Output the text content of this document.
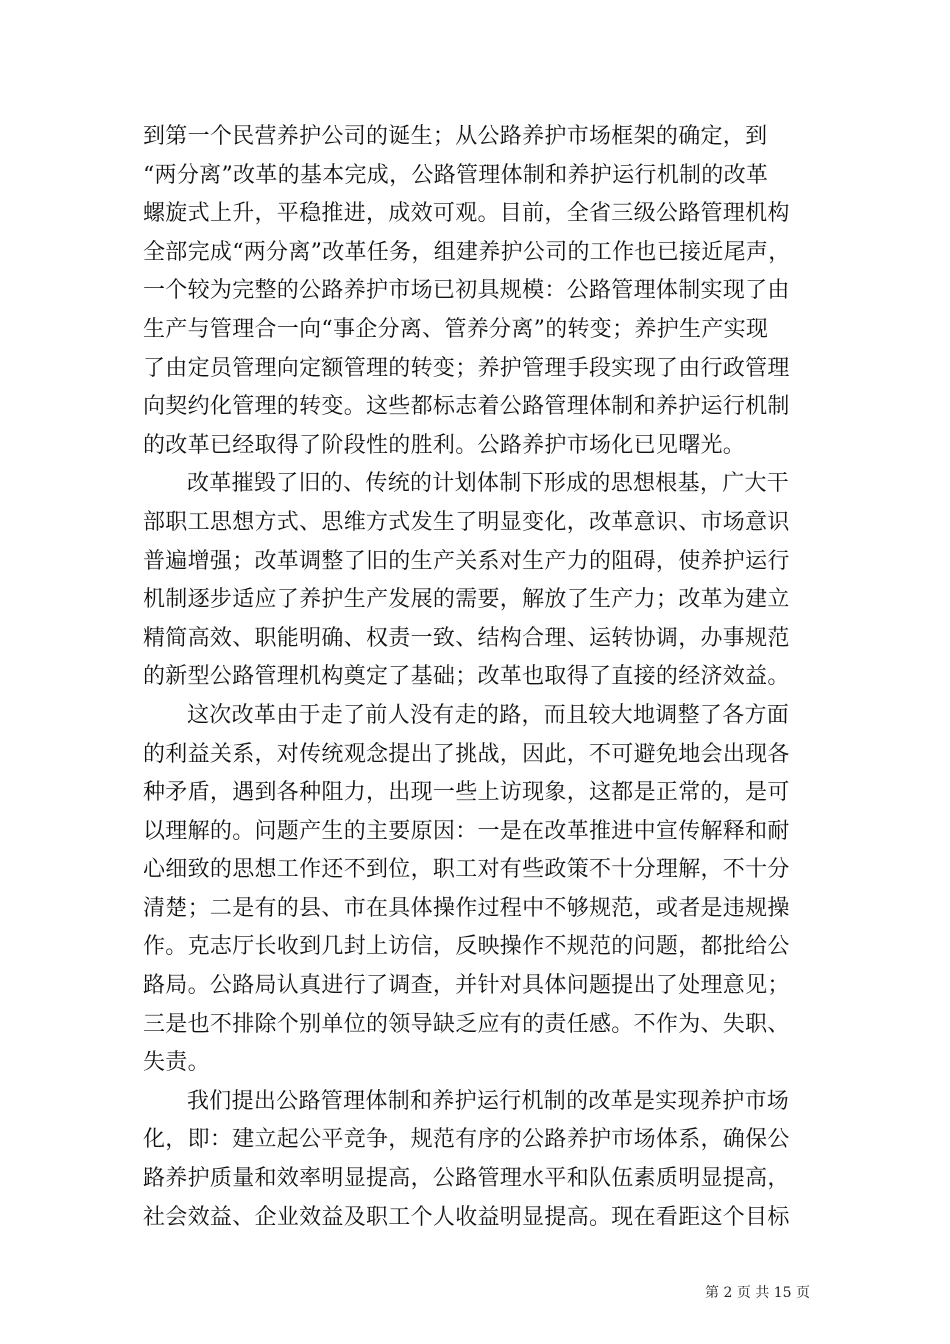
到第一个民营养护公司的诞生；从公路养护市场框架的确定，到
“两分离”改革的基本完成，公路管理体制和养护运行机制的改革
螺旋式上升，平稳推进，成效可观。目前，全省三级公路管理机构
全部完成“两分离”改革任务，组建养护公司的工作也已接近尾声，
一个较为完整的公路养护市场已初具规模：公路管理体制实现了由
生产与管理合一向“事企分离、管养分离”的转变；养护生产实现
了由定员管理向定额管理的转变；养护管理手段实现了由行政管理
向契约化管理的转变。这些都标志着公路管理体制和养护运行机制
的改革已经取得了阶段性的胜利。公路养护市场化已见曙光。
改革摧毁了旧的、传统的计划体制下形成的思想根基，广大干
部职工思想方式、思维方式发生了明显变化，改革意识、市场意识
普遍增强；改革调整了旧的生产关系对生产力的阻碍，使养护运行
机制逐步适应了养护生产发展的需要，解放了生产力；改革为建立
精简高效、职能明确、权责一致、结构合理、运转协调，办事规范
的新型公路管理机构奠定了基础；改革也取得了直接的经济效益。
这次改革由于走了前人没有走的路，而且较大地调整了各方面
的利益关系，对传统观念提出了挑战，因此，不可避免地会出现各
种矛盾，遇到各种阻力，出现一些上访现象，这都是正常的，是可
以理解的。问题产生的主要原因：一是在改革推进中宣传解释和耐
心细致的思想工作还不到位，职工对有些政策不十分理解，不十分
清楚；二是有的县、市在具体操作过程中不够规范，或者是违规操
作。克志厅长收到几封上访信，反映操作不规范的问题，都批给公
路局。公路局认真进行了调查，并针对具体问题提出了处理意见；
三是也不排除个别单位的领导缺乏应有的责任感。不作为、失职、
失责。
我们提出公路管理体制和养护运行机制的改革是实现养护市场
化，即：建立起公平竞争，规范有序的公路养护市场体系，确保公
路养护质量和效率明显提高，公路管理水平和队伍素质明显提高，
社会效益、企业效益及职工个人收益明显提高。现在看距这个目标
第 2 页 共 15 页
